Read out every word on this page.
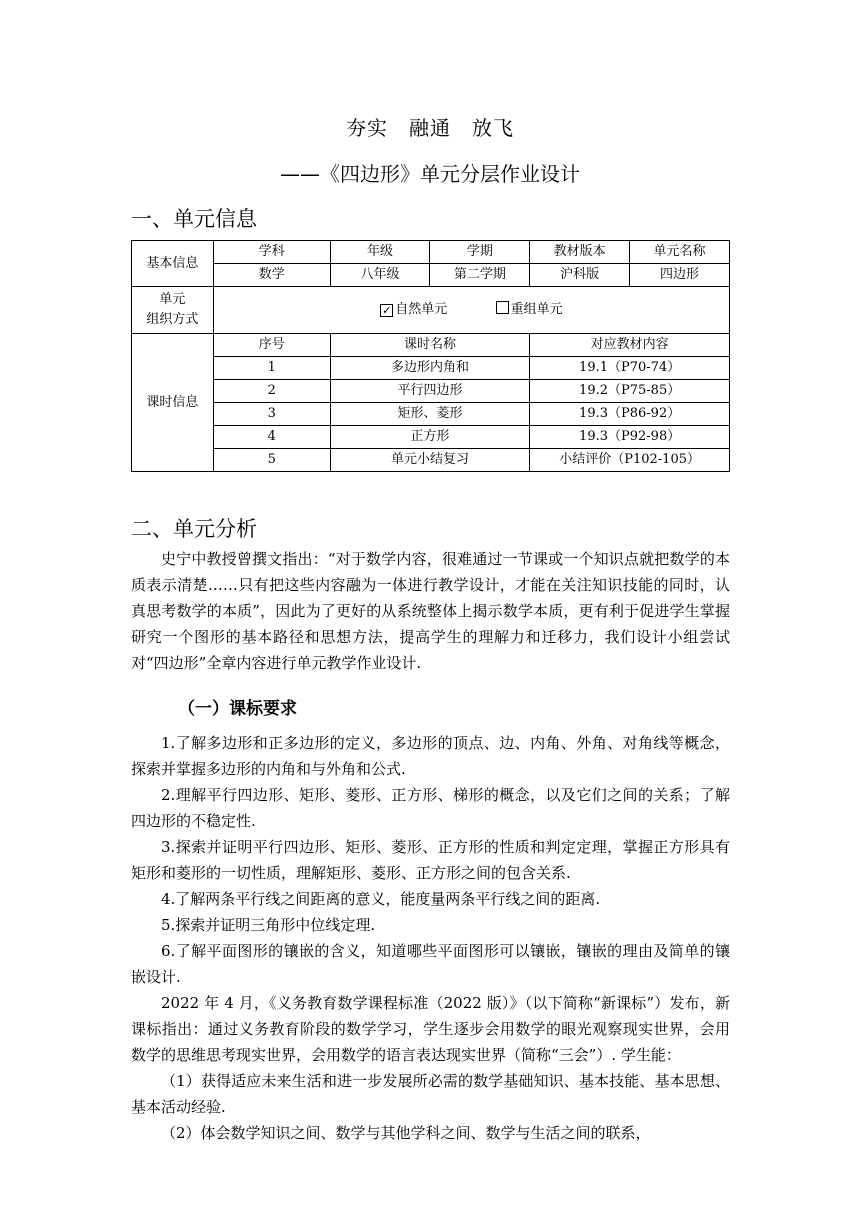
夯实　融通　放飞
——《四边形》单元分层作业设计
一、单元信息
基本信息	学科	年级	学期	教材版本	单元名称
	数学	八年级	第二学期	沪科版	四边形

单元
组织方式	✓ 自然单元 重组单元				
课时信息	序号	课时名称		对应教材内容	
	1	多边形内角和		19.1（P70-74）	
	2	平行四边形		19.2（P75-85）	
	3	矩形、菱形		19.3（P86-92）	
	4	正方形		19.3（P92-98）	
	5	单元小结复习		小结评价（P102-105）	
二、单元分析

史宁中教授曾撰文指出：“对于数学内容，很难通过一节课或一个知识点就把数学的本质表示清楚……只有把这些内容融为一体进行教学设计，才能在关注知识技能的同时，认真思考数学的本质”，因此为了更好的从系统整体上揭示数学本质，更有利于促进学生掌握研究一个图形的基本路径和思想方法，提高学生的理解力和迁移力，我们设计小组尝试对“四边形”全章内容进行单元教学作业设计.

（一）课标要求

1.了解多边形和正多边形的定义，多边形的顶点、边、内角、外角、对角线等概念，探索并掌握多边形的内角和与外角和公式.

2.理解平行四边形、矩形、菱形、正方形、梯形的概念，以及它们之间的关系；了解四边形的不稳定性.

3.探索并证明平行四边形、矩形、菱形、正方形的性质和判定定理，掌握正方形具有矩形和菱形的一切性质，理解矩形、菱形、正方形之间的包含关系.

4.了解两条平行线之间距离的意义，能度量两条平行线之间的距离.

5.探索并证明三角形中位线定理.

6.了解平面图形的镶嵌的含义，知道哪些平面图形可以镶嵌，镶嵌的理由及简单的镶嵌设计.

2022 年 4 月，《义务教育数学课程标准（2022 版）》（以下简称“新课标”）发布，新课标指出：通过义务教育阶段的数学学习，学生逐步会用数学的眼光观察现实世界，会用数学的思维思考现实世界，会用数学的语言表达现实世界（简称“三会”）. 学生能：

（1）获得适应未来生活和进一步发展所必需的数学基础知识、基本技能、基本思想、基本活动经验.

（2）体会数学知识之间、数学与其他学科之间、数学与生活之间的联系，
